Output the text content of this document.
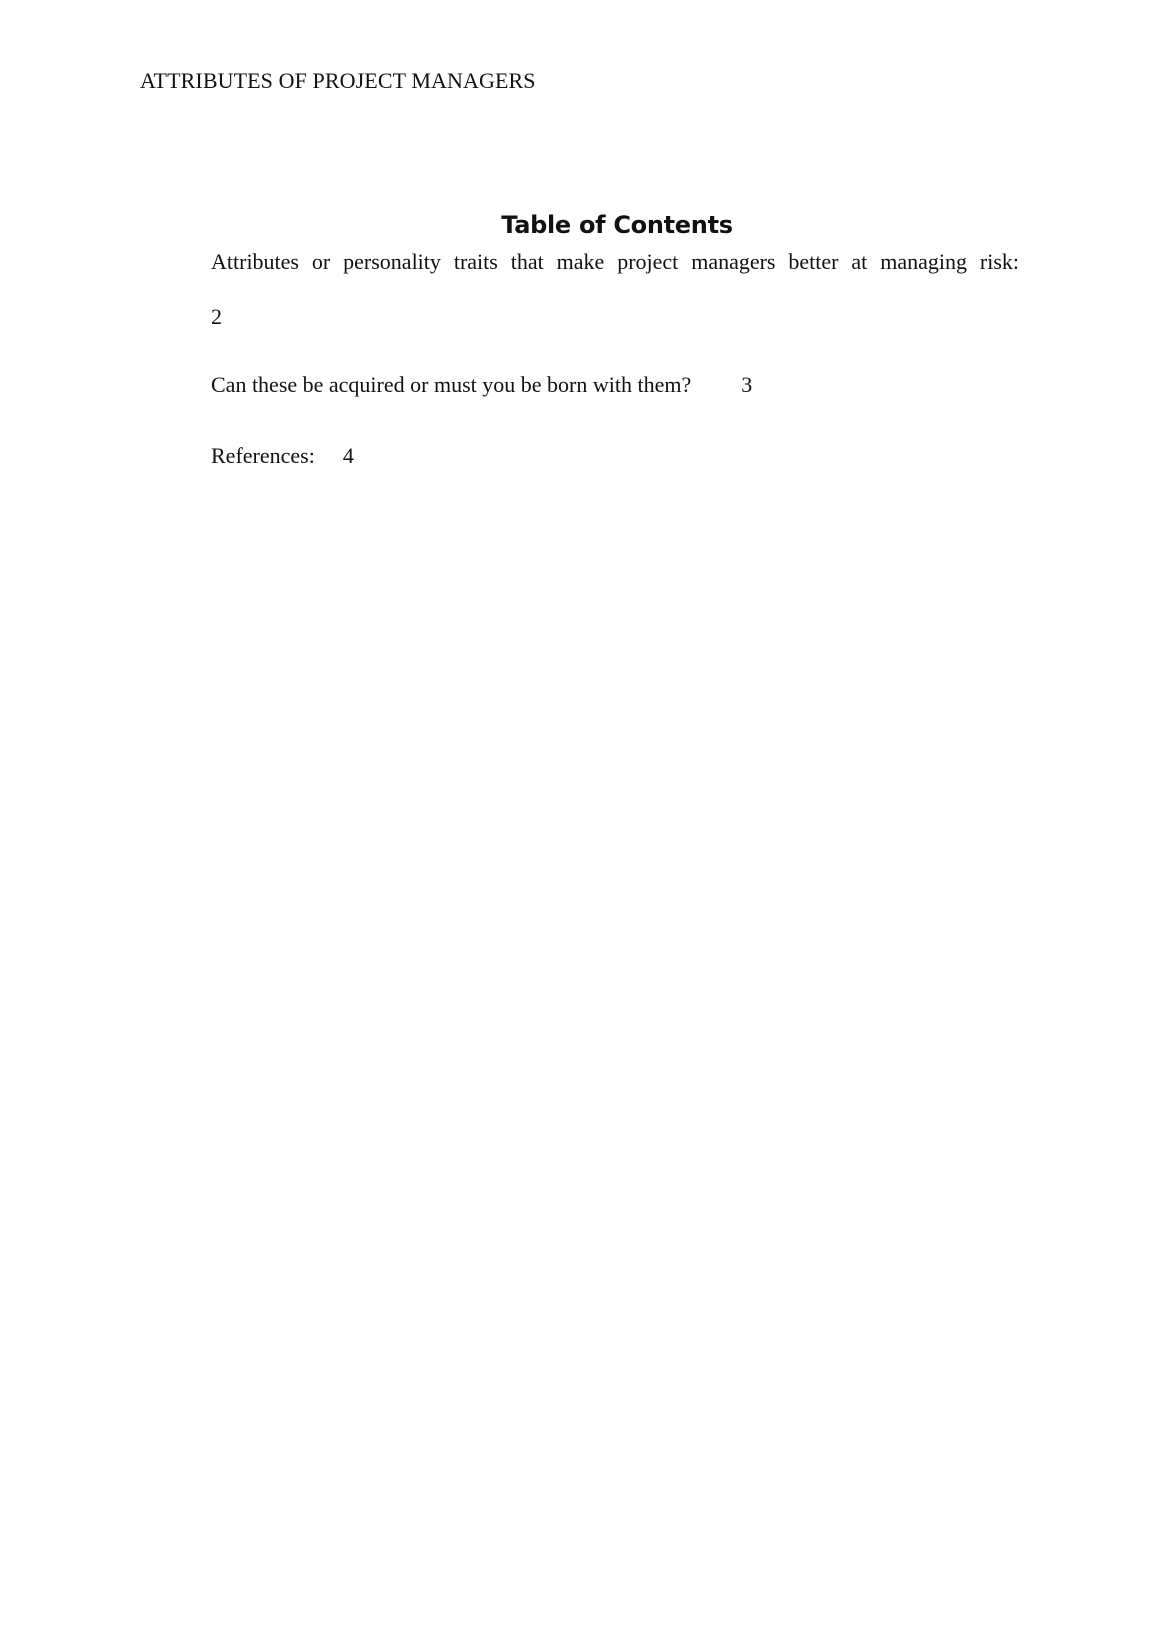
ATTRIBUTES OF PROJECT MANAGERS
Table of Contents
Attributes or personality traits that make project managers better at managing risk:
2
Can these be acquired or must you be born with them? 3
References: 4
